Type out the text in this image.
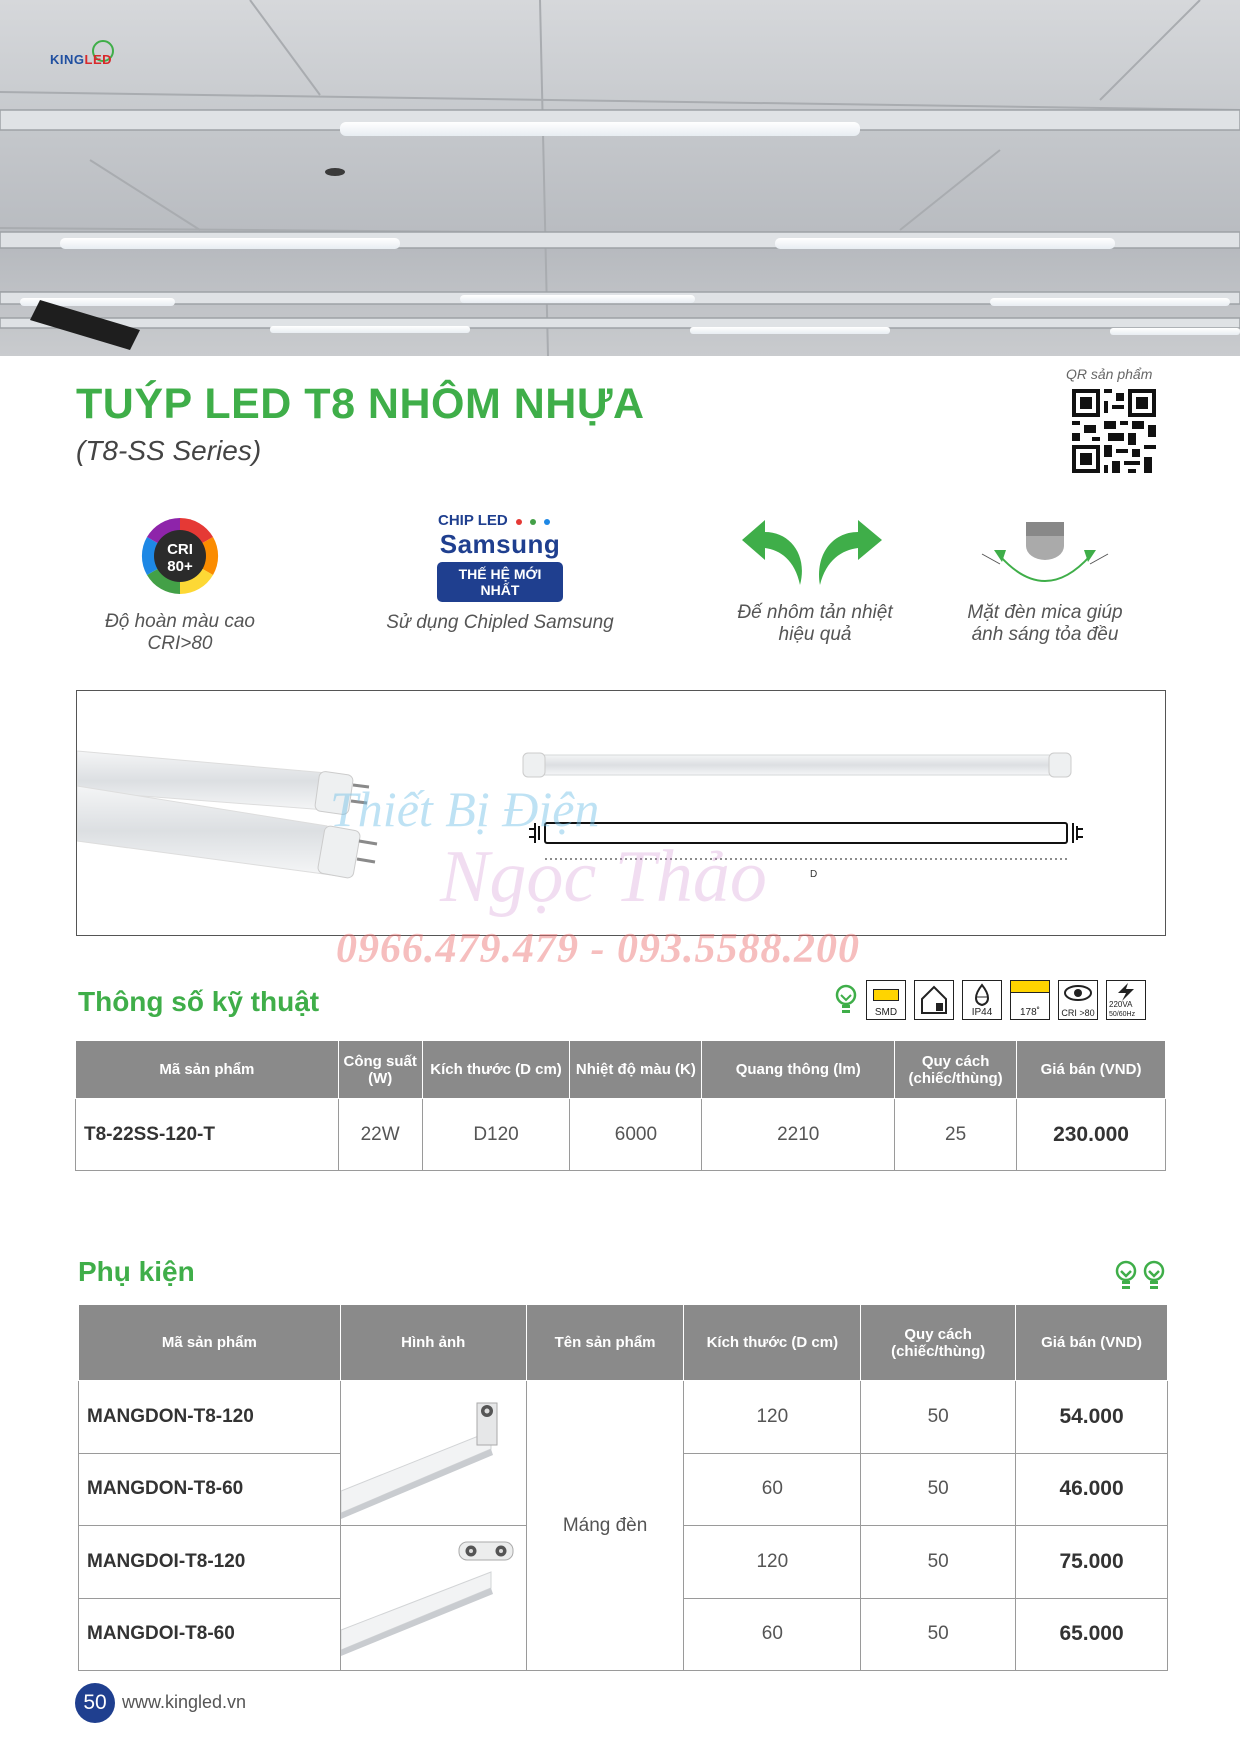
KINGLED
TUÝP LED T8 NHÔM NHỰA
(T8-SS Series)
QR sản phẩm
CRI
80+
Độ hoàn màu cao
CRI>80
CHIP LED
Samsung
THẾ HỆ MỚI NHẤT
Sử dụng Chipled Samsung	Đế nhôm tản nhiệt
hiệu quả
Mặt đèn mica giúp
ánh sáng tỏa đều
D
Thiết Bị Điện
Ngọc Thảo
0966.479.479 - 093.5588.200
Thông số kỹ thuật	SMD	IP44	178˚	CRI >80
220VA
50/60Hz
Mã sản phẩm	Công suất (W)	Kích thước (D cm)	Nhiệt độ màu (K)	Quang thông (lm)	Quy cách (chiếc/thùng)	Giá bán (VND)
T8-22SS-120-T	22W	D120	6000	2210	25	230.000
Phụ kiện
Mã sản phẩm	Hình ảnh	Tên sản phẩm	Kích thước (D cm)	Quy cách (chiếc/thùng)	Giá bán (VND)
MANGDON-T8-120		Máng đèn	120	50	54.000
MANGDON-T8-60			60	50	46.000
MANGDOI-T8-120			120	50	75.000
MANGDOI-T8-60			60	50	65.000
50 www.kingled.vn
